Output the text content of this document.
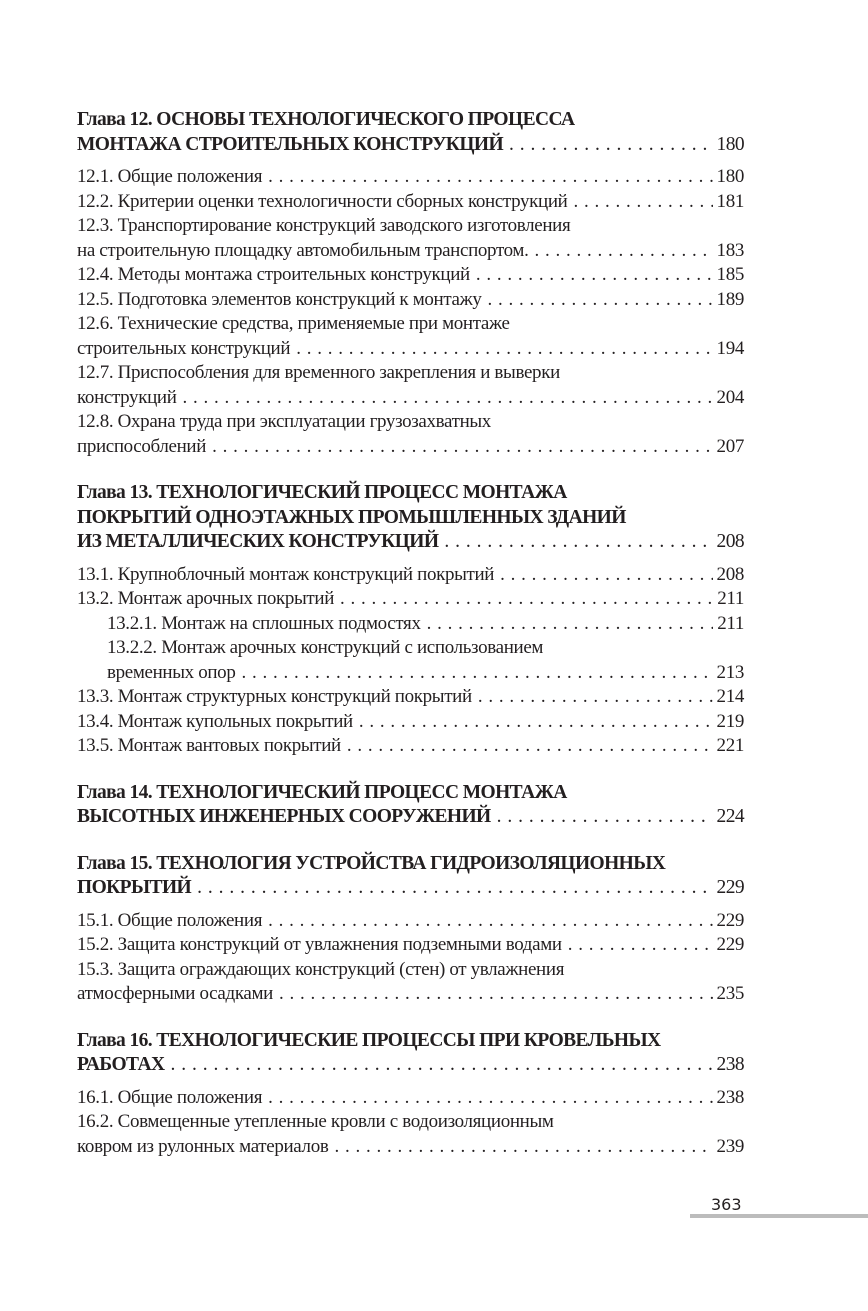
Глава 12. ОСНОВЫ ТЕХНОЛОГИЧЕСКОГО ПРОЦЕССА
МОНТАЖА СТРОИТЕЛЬНЫХ КОНСТРУКЦИЙ . . .	180
12.1. Общие положения . . .	180
12.2. Критерии оценки технологичности сборных конструкций . . .	181
12.3. Транспортирование конструкций заводского изготовления
на строительную площадку автомобильным транспортом. . . .	183
12.4. Методы монтажа строительных конструкций . . .	185
12.5. Подготовка элементов конструкций к монтажу . . .	189
12.6. Технические средства, применяемые при монтаже
строительных конструкций . . .	194
12.7. Приспособления для временного закрепления и выверки
конструкций . . .	204
12.8. Охрана труда при эксплуатации грузозахватных
приспособлений . . .	207
Глава 13. ТЕХНОЛОГИЧЕСКИЙ ПРОЦЕСС МОНТАЖА
ПОКРЫТИЙ ОДНОЭТАЖНЫХ ПРОМЫШЛЕННЫХ ЗДАНИЙ
ИЗ МЕТАЛЛИЧЕСКИХ КОНСТРУКЦИЙ . . .	208
13.1. Крупноблочный монтаж конструкций покрытий . . .	208
13.2. Монтаж арочных покрытий . . .	211
13.2.1. Монтаж на сплошных подмостях . . .	211
13.2.2. Монтаж арочных конструкций с использованием
временных опор . . .	213
13.3. Монтаж структурных конструкций покрытий . . .	214
13.4. Монтаж купольных покрытий . . .	219
13.5. Монтаж вантовых покрытий . . .	221
Глава 14. ТЕХНОЛОГИЧЕСКИЙ ПРОЦЕСС МОНТАЖА
ВЫСОТНЫХ ИНЖЕНЕРНЫХ СООРУЖЕНИЙ . . .	224
Глава 15. ТЕХНОЛОГИЯ УСТРОЙСТВА ГИДРОИЗОЛЯЦИОННЫХ
ПОКРЫТИЙ . . .	229
15.1. Общие положения . . .	229
15.2. Защита конструкций от увлажнения подземными водами . . .	229
15.3. Защита ограждающих конструкций (стен) от увлажнения
атмосферными осадками . . .	235
Глава 16. ТЕХНОЛОГИЧЕСКИЕ ПРОЦЕССЫ ПРИ КРОВЕЛЬНЫХ
РАБОТАХ . . .	238
16.1. Общие положения . . .	238
16.2. Совмещенные утепленные кровли с водоизоляционным
ковром из рулонных материалов . . .	239
363
